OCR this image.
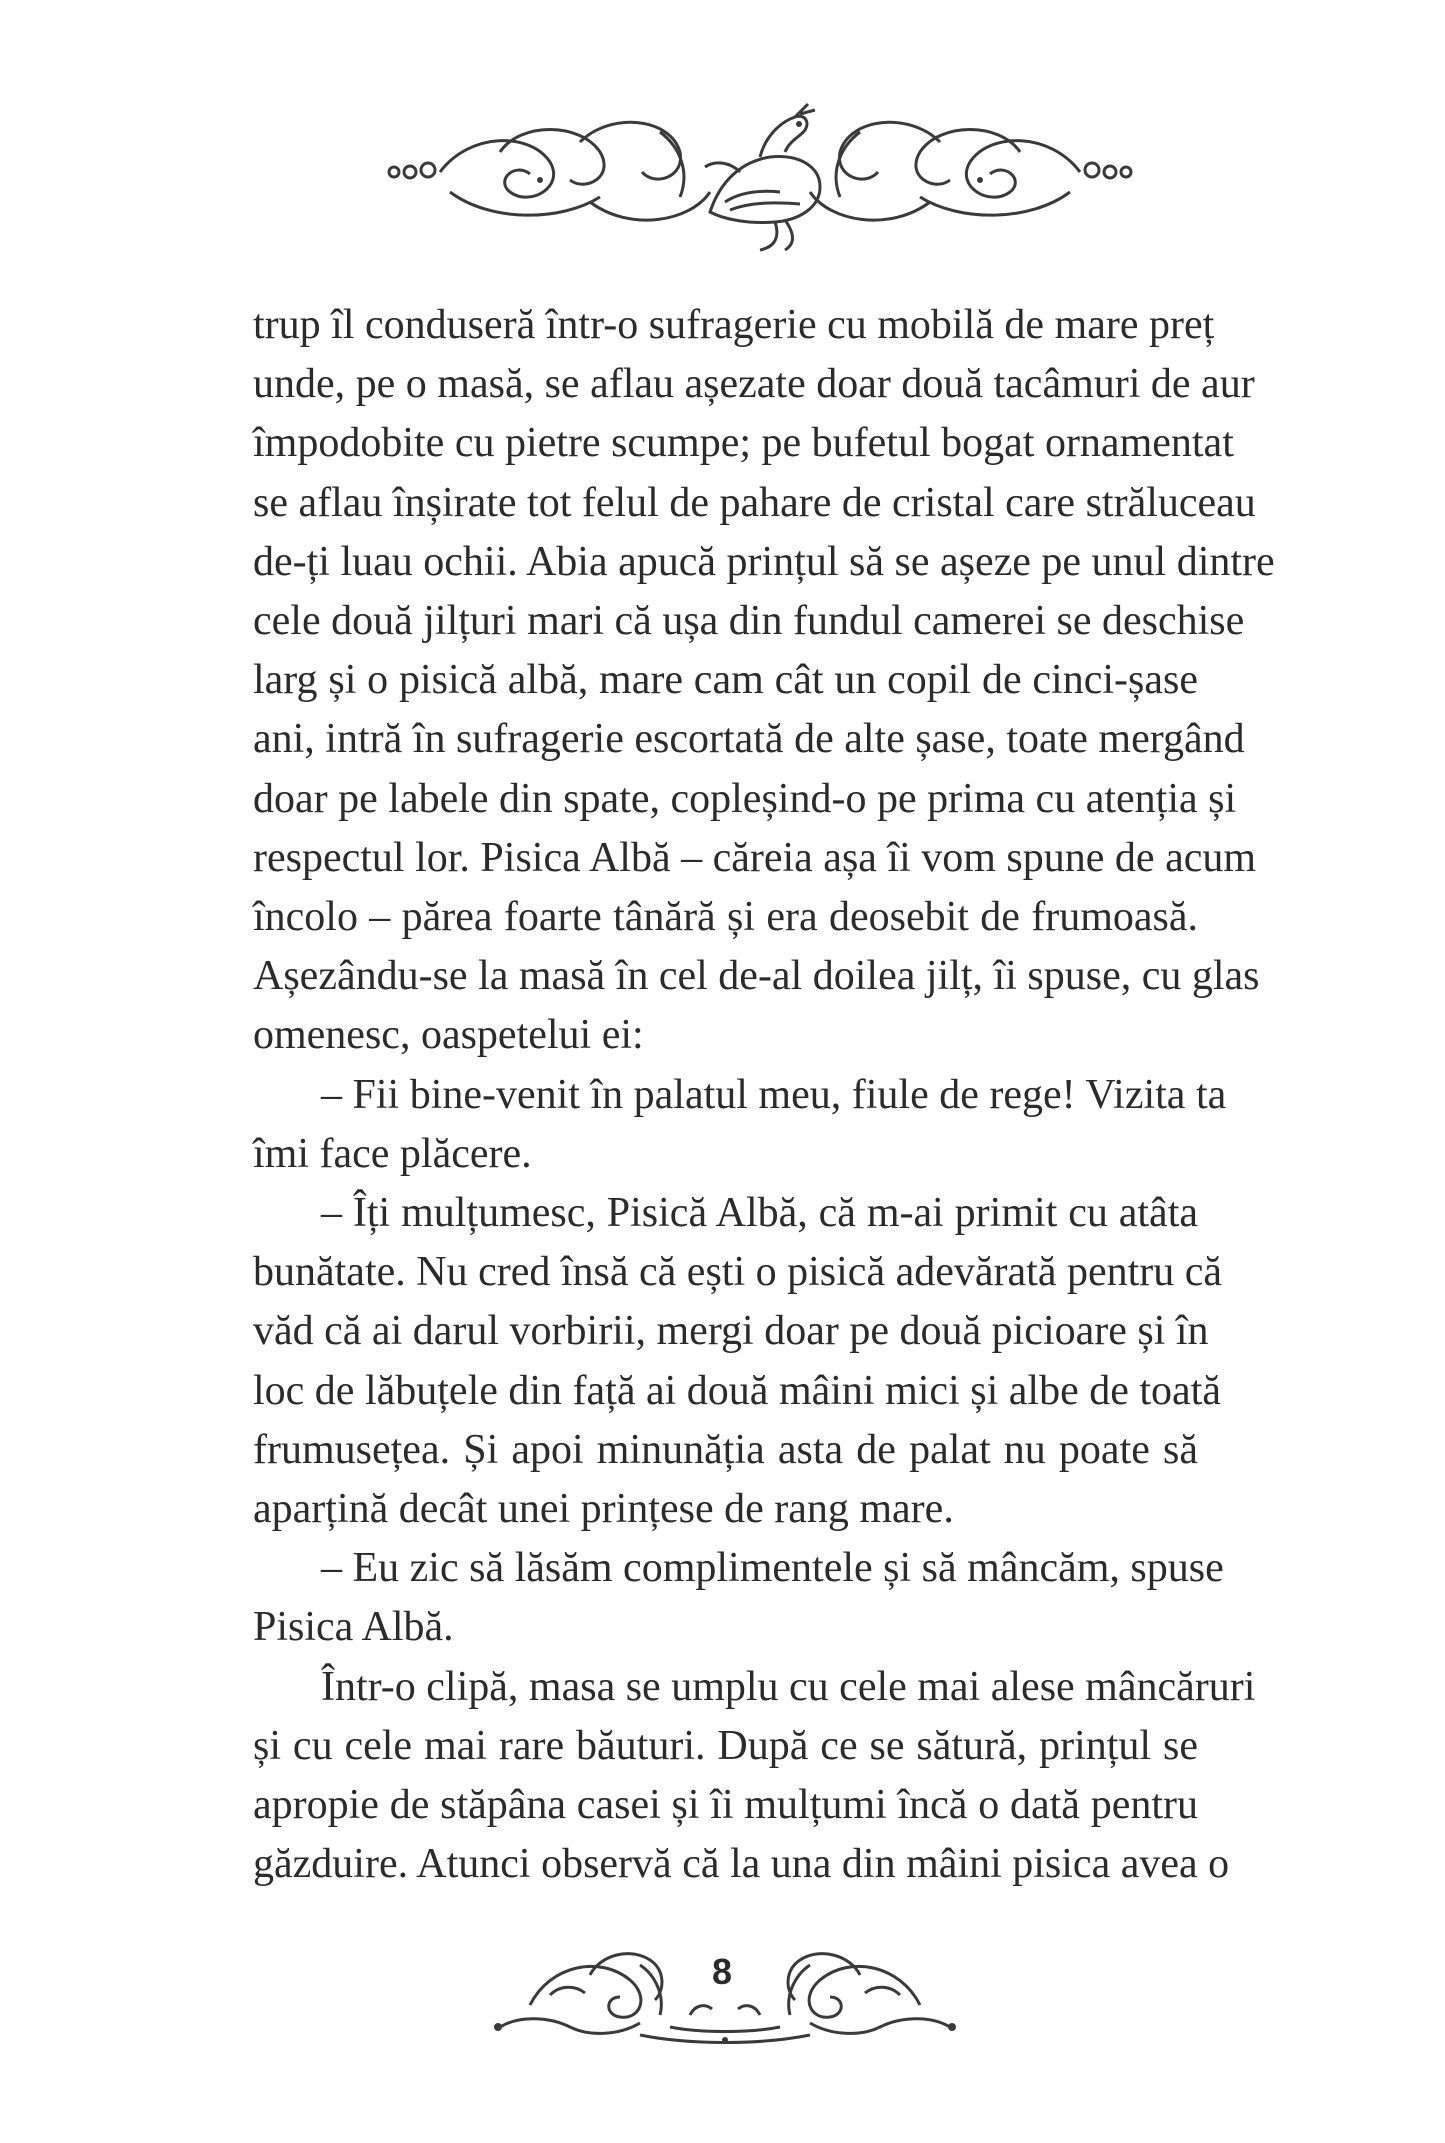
trup îl conduseră într-o sufragerie cu mobilă de mare preț
unde, pe o masă, se aflau așezate doar două tacâmuri de aur
împodobite cu pietre scumpe; pe bufetul bogat ornamentat
se aflau înșirate tot felul de pahare de cristal care străluceau
de-ți luau ochii. Abia apucă prințul să se așeze pe unul dintre
cele două jilțuri mari că ușa din fundul camerei se deschise
larg și o pisică albă, mare cam cât un copil de cinci-șase
ani, intră în sufragerie escortată de alte șase, toate mergând
doar pe labele din spate, copleșind-o pe prima cu atenția și
respectul lor. Pisica Albă – căreia așa îi vom spune de acum
încolo – părea foarte tânără și era deosebit de frumoasă.
Așezându-se la masă în cel de-al doilea jilț, îi spuse, cu glas
omenesc, oaspetelui ei:
– Fii bine-venit în palatul meu, fiule de rege! Vizita ta
îmi face plăcere.
– Îți mulțumesc, Pisică Albă, că m-ai primit cu atâta
bunătate. Nu cred însă că ești o pisică adevărată pentru că
văd că ai darul vorbirii, mergi doar pe două picioare și în
loc de lăbuțele din față ai două mâini mici și albe de toată
frumusețea. Și apoi minunăția asta de palat nu poate să
aparțină decât unei prințese de rang mare.
– Eu zic să lăsăm complimentele și să mâncăm, spuse
Pisica Albă.
Într-o clipă, masa se umplu cu cele mai alese mâncăruri
și cu cele mai rare băuturi. După ce se sătură, prințul se
apropie de stăpâna casei și îi mulțumi încă o dată pentru
găzduire. Atunci observă că la una din mâini pisica avea o
8
